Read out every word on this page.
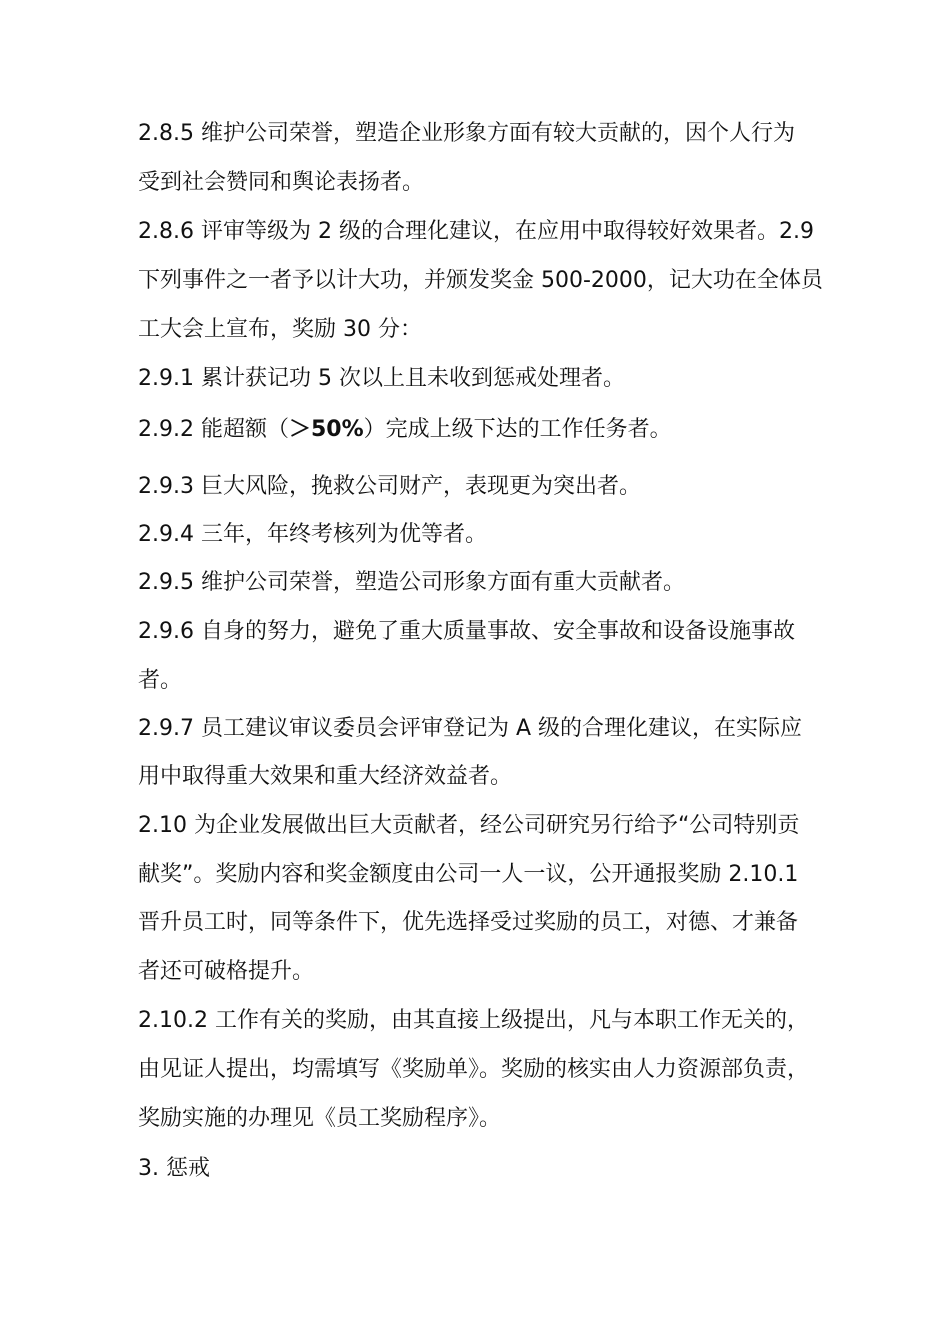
2.8.5 维护公司荣誉，塑造企业形象方面有较大贡献的，因个人行为
受到社会赞同和舆论表扬者。
2.8.6 评审等级为 2 级的合理化建议，在应用中取得较好效果者。2.9
下列事件之一者予以计大功，并颁发奖金 500-2000，记大功在全体员
工大会上宣布，奖励 30 分：
2.9.1 累计获记功 5 次以上且未收到惩戒处理者。
2.9.2 能超额（＞50%）完成上级下达的工作任务者。
2.9.3 巨大风险，挽救公司财产，表现更为突出者。
2.9.4 三年，年终考核列为优等者。
2.9.5 维护公司荣誉，塑造公司形象方面有重大贡献者。
2.9.6 自身的努力，避免了重大质量事故、安全事故和设备设施事故
者。
2.9.7 员工建议审议委员会评审登记为 A 级的合理化建议，在实际应
用中取得重大效果和重大经济效益者。
2.10 为企业发展做出巨大贡献者，经公司研究另行给予“公司特别贡
献奖”。奖励内容和奖金额度由公司一人一议，公开通报奖励 2.10.1
晋升员工时，同等条件下，优先选择受过奖励的员工，对德、才兼备
者还可破格提升。
2.10.2 工作有关的奖励，由其直接上级提出，凡与本职工作无关的，
由见证人提出，均需填写《奖励单》。奖励的核实由人力资源部负责，
奖励实施的办理见《员工奖励程序》。
3. 惩戒
